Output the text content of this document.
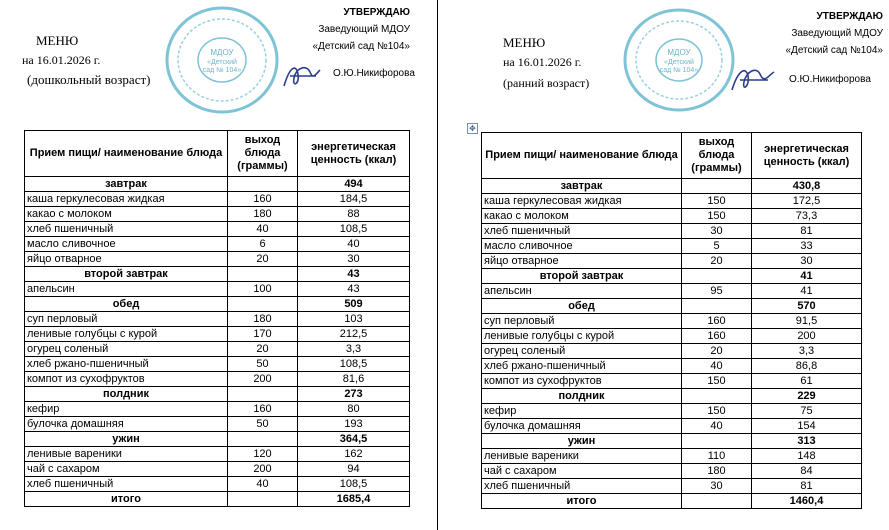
МДОУ
«Детский
сад № 104»
МЕНЮ
на 16.01.2026 г.
(дошкольный возраст)
УТВЕРЖДАЮ
Заведующий МДОУ
«Детский сад №104»
О.Ю.Никифорова
Прием пищи/ наименование блюда	выход блюда (граммы)	энергетическая ценность (ккал)
завтрак		494
каша геркулесовая жидкая	160	184,5
какао с молоком	180	88
хлеб пшеничный	40	108,5
масло сливочное	6	40
яйцо отварное	20	30
второй завтрак		43
апельсин	100	43
обед		509
суп перловый	180	103
ленивые голубцы с курой	170	212,5
огурец соленый	20	3,3
хлеб ржано-пшеничный	50	108,5
компот из сухофруктов	200	81,6
полдник		273
кефир	160	80
булочка домашняя	50	193
ужин		364,5
ленивые вареники	120	162
чай с сахаром	200	94
хлеб пшеничный	40	108,5
итого		1685,4
МДОУ
«Детский
сад № 104»
МЕНЮ
на 16.01.2026 г.
(ранний возраст)
УТВЕРЖДАЮ
Заведующий МДОУ
«Детский сад №104»
О.Ю.Никифорова
✥
Прием пищи/ наименование блюда	выход блюда (граммы)	энергетическая ценность (ккал)
завтрак		430,8
каша геркулесовая жидкая	150	172,5
какао с молоком	150	73,3
хлеб пшеничный	30	81
масло сливочное	5	33
яйцо отварное	20	30
второй завтрак		41
апельсин	95	41
обед		570
суп перловый	160	91,5
ленивые голубцы с курой	160	200
огурец соленый	20	3,3
хлеб ржано-пшеничный	40	86,8
компот из сухофруктов	150	61
полдник		229
кефир	150	75
булочка домашняя	40	154
ужин		313
ленивые вареники	110	148
чай с сахаром	180	84
хлеб пшеничный	30	81
итого		1460,4
